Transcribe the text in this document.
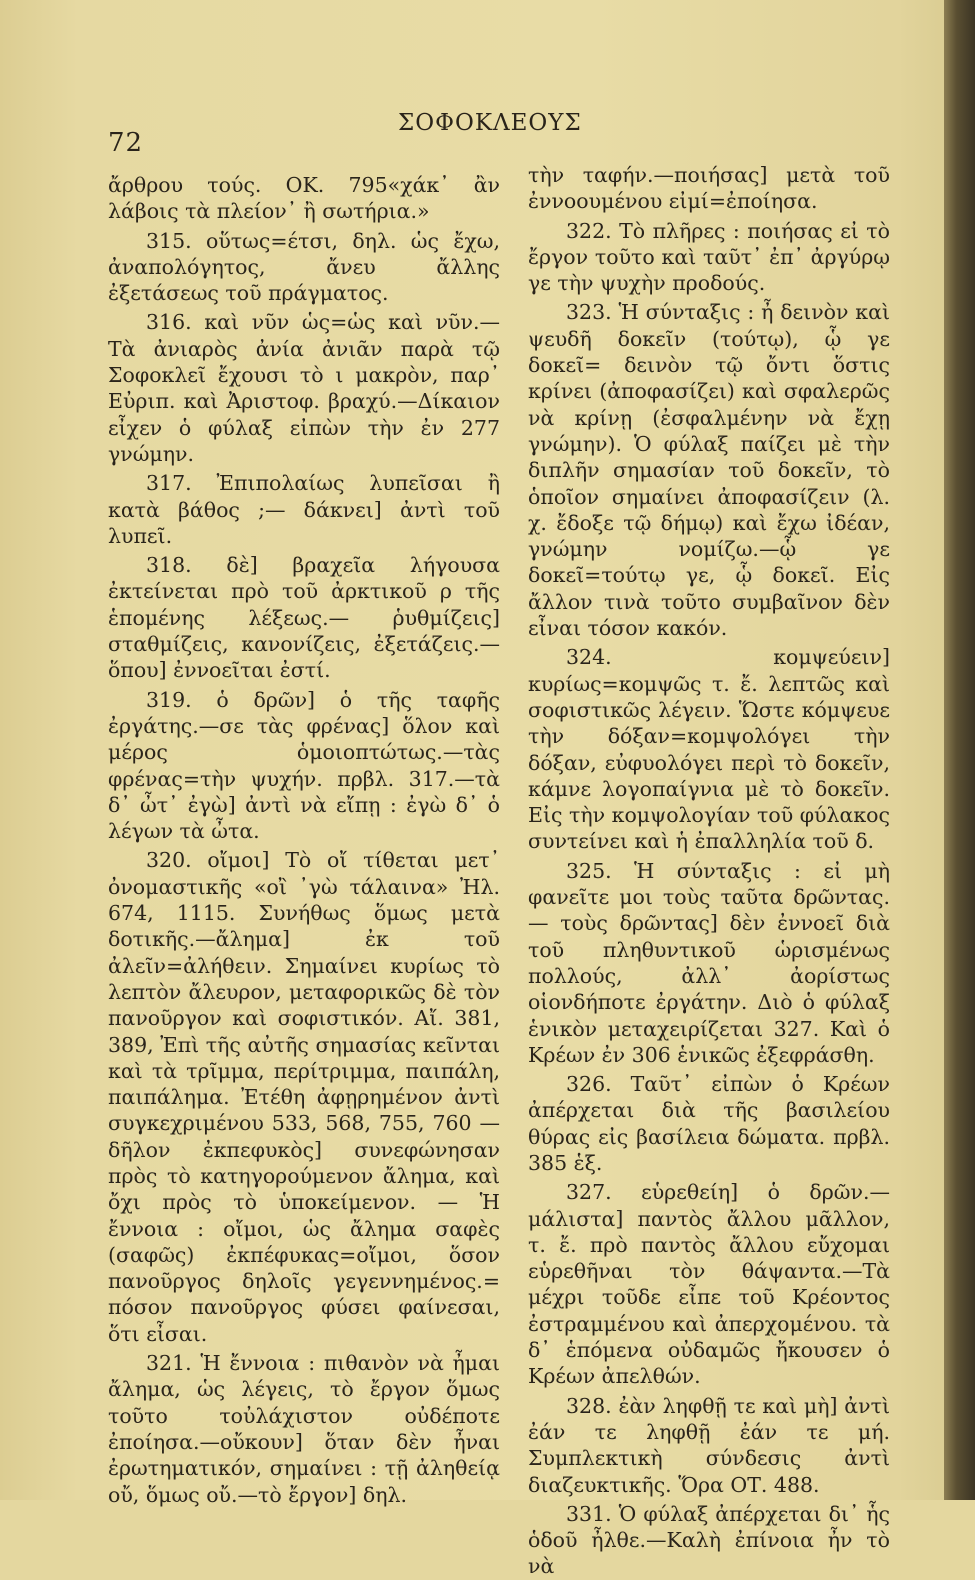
72
ΣΟΦΟΚΛΕΟΥΣ

ἄρθρου τούς. ΟΚ. 795«χάκ᾿ ἂν λάβοις τὰ πλείον᾿ ἢ σωτήρια.»

315. οὕτως=έτσι, δηλ. ὡς ἔχω, ἀναπολόγητος, ἄνευ ἄλλης ἐξετάσεως τοῦ πράγματος.

316. καὶ νῦν ὡς=ὡς καὶ νῦν.— Τὰ ἀνιαρὸς ἀνία ἀνιᾶν παρὰ τῷ Σοφοκλεῖ ἔχουσι τὸ ι μακρὸν, παρ᾿ Εὐριπ. καὶ Ἀριστοφ. βραχύ.—Δίκαιον εἶχεν ὁ φύλαξ εἰπὼν τὴν ἐν 277 γνώμην.

317. Ἐπιπολαίως λυπεῖσαι ἢ κατὰ βάθος ;— δάκνει] ἀντὶ τοῦ λυπεῖ.

318. δὲ] βραχεῖα λήγουσα ἐκτείνεται πρὸ τοῦ ἀρκτικοῦ ρ τῆς ἑπομένης λέξεως.— ῥυθμίζεις] σταθμίζεις, κανονίζεις, ἐξετάζεις.—ὅπου] ἐννοεῖται ἐστί.

319. ὁ δρῶν] ὁ τῆς ταφῆς ἐργάτης.—σε τὰς φρένας] ὅλον καὶ μέρος ὁμοιοπτώτως.—τὰς φρένας=τὴν ψυχήν. πρβλ. 317.—τὰ δ᾿ ὦτ᾿ ἐγὼ] ἀντὶ νὰ εἴπῃ : ἐγὼ δ᾿ ὁ λέγων τὰ ὦτα.

320. οἴμοι] Τὸ οἴ τίθεται μετ᾿ ὀνομαστικῆς «οἲ ᾿γὼ τάλαινα» Ἠλ. 674, 1115. Συνήθως ὅμως μετὰ δοτικῆς.—ἄλημα] ἐκ τοῦ ἀλεῖν=ἀλήθειν. Σημαίνει κυρίως τὸ λεπτὸν ἄλευρον, μεταφορικῶς δὲ τὸν πανοῦργον καὶ σοφιστικόν. Αἴ. 381, 389, Ἐπὶ τῆς αὐτῆς σημασίας κεῖνται καὶ τὰ τρῖμμα, περίτριμμα, παιπάλη, παιπάλημα. Ἐτέθη ἀφῃρημένον ἀντὶ συγκεχριμένου 533, 568, 755, 760 —δῆλον ἐκπεφυκὸς] συνεφώνησαν πρὸς τὸ κατηγορούμενον ἄλημα, καὶ ὄχι πρὸς τὸ ὑποκείμενον. — Ἡ ἔννοια : οἴμοι, ὡς ἄλημα σαφὲς (σαφῶς) ἐκπέφυκας=οἴμοι, ὅσον πανοῦργος δηλοῖς γεγεννημένος.= πόσον πανοῦργος φύσει φαίνεσαι, ὅτι εἶσαι.

321. Ἡ ἔννοια : πιθανὸν νὰ ἦμαι ἄλημα, ὡς λέγεις, τὸ ἔργον ὅμως τοῦτο τοὐλάχιστον οὐδέποτε ἐποίησα.—οὔκουν] ὅταν δὲν ἦναι ἐρωτηματικόν, σημαίνει : τῇ ἀληθείᾳ οὔ, ὅμως οὔ.—τὸ ἔργον] δηλ.

τὴν ταφήν.—ποιήσας] μετὰ τοῦ ἐννοουμένου εἰμί=ἐποίησα.

322. Τὸ πλῆρες : ποιήσας εἰ τὸ ἔργον τοῦτο καὶ ταῦτ᾿ ἐπ᾿ ἀργύρῳ γε τὴν ψυχὴν προδούς.

323. Ἡ σύνταξις : ἦ δεινὸν καὶ ψευδῆ δοκεῖν (τούτῳ), ᾧ γε δοκεῖ= δεινὸν τῷ ὄντι ὅστις κρίνει (ἀποφασίζει) καὶ σφαλερῶς νὰ κρίνῃ (ἐσφαλμένην νὰ ἔχῃ γνώμην). Ὁ φύλαξ παίζει μὲ τὴν διπλῆν σημασίαν τοῦ δοκεῖν, τὸ ὁποῖον σημαίνει ἀποφασίζειν (λ. χ. ἔδοξε τῷ δήμῳ) καὶ ἔχω ἰδέαν, γνώμην νομίζω.—ᾧ γε δοκεῖ=τούτῳ γε, ᾧ δοκεῖ. Εἰς ἄλλον τινὰ τοῦτο συμβαῖνον δὲν εἶναι τόσον κακόν.

324. κομψεύειν] κυρίως=κομψῶς τ. ἔ. λεπτῶς καὶ σοφιστικῶς λέγειν. Ὥστε κόμψευε τὴν δόξαν=κομψολόγει τὴν δόξαν, εὐφυολόγει περὶ τὸ δοκεῖν, κάμνε λογοπαίγνια μὲ τὸ δοκεῖν. Εἰς τὴν κομψολογίαν τοῦ φύλακος συντείνει καὶ ἡ ἐπαλληλία τοῦ δ.

325. Ἡ σύνταξις : εἰ μὴ φανεῖτε μοι τοὺς ταῦτα δρῶντας. — τοὺς δρῶντας] δὲν ἐννοεῖ διὰ τοῦ πληθυντικοῦ ὡρισμένως πολλούς, ἀλλ᾿ ἀορίστως οἱονδήποτε ἐργάτην. Διὸ ὁ φύλαξ ἑνικὸν μεταχειρίζεται 327. Καὶ ὁ Κρέων ἐν 306 ἑνικῶς ἐξεφράσθη.

326. Ταῦτ᾿ εἰπὼν ὁ Κρέων ἀπέρχεται διὰ τῆς βασιλείου θύρας εἰς βασίλεια δώματα. πρβλ. 385 ἑξ.

327. εὑρεθείη] ὁ δρῶν.—μάλιστα] παντὸς ἄλλου μᾶλλον, τ. ἔ. πρὸ παντὸς ἄλλου εὔχομαι εὑρεθῆναι τὸν θάψαντα.—Τὰ μέχρι τοῦδε εἶπε τοῦ Κρέοντος ἐστραμμένου καὶ ἀπερχομένου. τὰ δ᾿ ἑπόμενα οὐδαμῶς ἤκουσεν ὁ Κρέων ἀπελθών.

328. ἐὰν ληφθῇ τε καὶ μὴ] ἀντὶ ἐάν τε ληφθῇ ἐάν τε μή. Συμπλεκτικὴ σύνδεσις ἀντὶ διαζευκτικῆς. Ὅρα ΟΤ. 488.

331. Ὁ φύλαξ ἀπέρχεται δι᾿ ἧς ὁδοῦ ἦλθε.—Καλὴ ἐπίνοια ἦν τὸ νὰ
